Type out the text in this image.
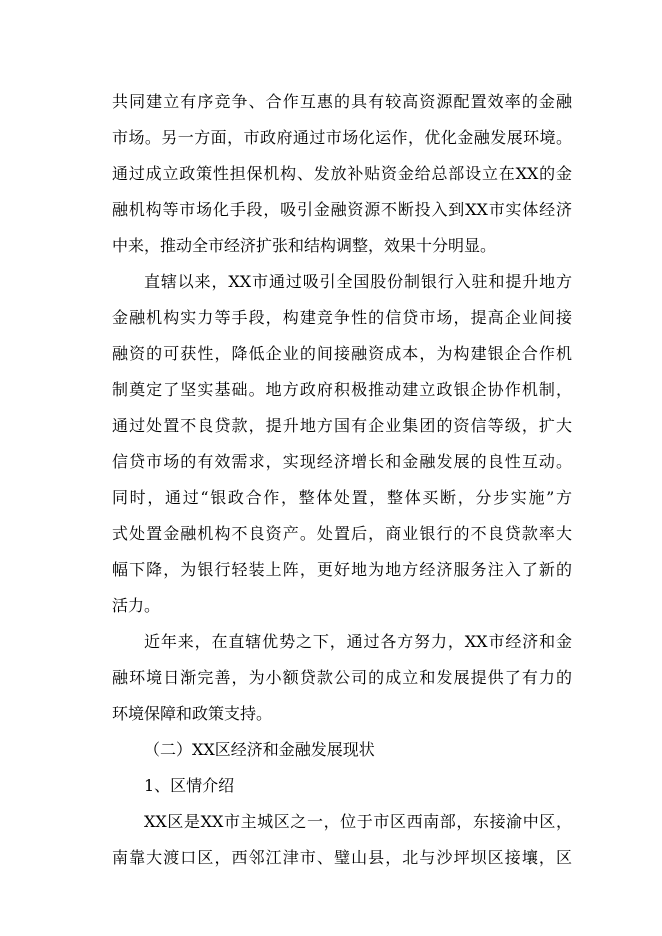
共同建立有序竞争、合作互惠的具有较高资源配置效率的金融
市场。另一方面，市政府通过市场化运作，优化金融发展环境。
通过成立政策性担保机构、发放补贴资金给总部设立在XX的金
融机构等市场化手段，吸引金融资源不断投入到XX市实体经济
中来，推动全市经济扩张和结构调整，效果十分明显。
直辖以来，XX市通过吸引全国股份制银行入驻和提升地方
金融机构实力等手段，构建竞争性的信贷市场，提高企业间接
融资的可获性，降低企业的间接融资成本，为构建银企合作机
制奠定了坚实基础。地方政府积极推动建立政银企协作机制，
通过处置不良贷款，提升地方国有企业集团的资信等级，扩大
信贷市场的有效需求，实现经济增长和金融发展的良性互动。
同时，通过“银政合作，整体处置，整体买断，分步实施”方
式处置金融机构不良资产。处置后，商业银行的不良贷款率大
幅下降，为银行轻装上阵，更好地为地方经济服务注入了新的
活力。
近年来，在直辖优势之下，通过各方努力，XX市经济和金
融环境日渐完善，为小额贷款公司的成立和发展提供了有力的
环境保障和政策支持。
（二）XX区经济和金融发展现状
1、区情介绍
XX区是XX市主城区之一，位于市区西南部，东接渝中区，
南靠大渡口区，西邻江津市、璧山县，北与沙坪坝区接壤，区
